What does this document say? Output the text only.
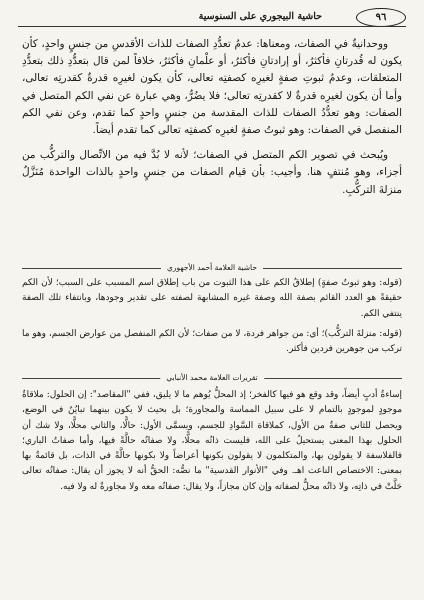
٩٦
حاشية البيجوري على السنوسية

ووحدانيةٌ في الصفات، ومعناها: عدمُ تعدُّدِ الصفات للذات الأقدسِ من جنسٍ واحدٍ، كأن يكون له قُدرتانِ فأكثرُ، أو إرادتانِ فأكثرُ، أو علْمانِ فأكثرُ، خلافاً لمن قال بتعدُّدِ ذلك بتعدُّدِ المتعلقات، وعدمُ ثبوتِ صفةٍ لغيرِه كصفتِه تعالى، كأن يكون لغيرِه قدرةٌ كقدرتِه تعالى، وأما أن يكون لغيرِه قدرةٌ لا كقدرتِه تعالى؛ فلا يضُرُّ، وهي عبارة عن نفي الكم المتصل في الصفات: وهو تعدُّدُ الصفات للذات المقدسة من جنسٍ واحدٍ كما تقدم، وعن نفي الكم المنفصل في الصفات: وهو ثبوتُ صفةٍ لغيرِه كصفتِه تعالى كما تقدم أيضاً.

ويُبحث في تصوير الكم المتصل في الصفات؛ لأنه لا بُدَّ فيه من الاتِّصال والتركُّب من أجزاء، وهو مُنتفٍ هنا. وأجيب: بأن قيام الصفات من جنسٍ واحدٍ بالذات الواحدة مُنَزَّلٌ منزلةَ التركُّبِ.

حاشية العلامة أحمد الأجهوري

(قوله: وهو ثبوتُ صفةٍ) إطلاقُ الكم على هذا الثبوت من باب إطلاق اسم المسبب على السبب؛ لأن الكم حقيقةً هو العدد القائم بصفة الله وصفة غيره المشابهة لصفته على تقدير وجودها، وبانتفاء تلك الصفة ينتفي الكم.

(قوله: منزلةَ التركُّب)؛ أي: من جواهر فردة، لا من صفات؛ لأن الكم المنفصل من عوارض الجسم، وهو ما تركب من جوهرين فردين فأكثر.

تقريرات العلامة محمد الأنبابي

إساءةُ أدبٍ أيضاً، وقد وقع هو فيها كالفخر؛ إذ المحلُّ يُوهم ما لا يليق، ففي "المقاصد": إن الحلول: ملاقاةُ موجودٍ لموجودٍ بالتمام لا على سبيل المماسة والمجاورة؛ بل بحيث لا يكون بينهما تبايُنٌ في الوضع، ويحصل للثاني صفةٌ من الأول، كملاقاة السَّوادِ للجسم، ويسمَّى الأول: حالًّا، والثاني محلًّا، ولا شك أن الحلول بهذا المعنى يستحيلُ على الله، فليست ذاتُه محلًّا، ولا صفاتُه حالَّةً فيها، وأما صفاتُ الباري؛ فالفلاسفة لا يقولون بها، والمتكلمون لا يقولون بكونها أعراضاً ولا بكونها حالَّةً في الذات، بل قائمةٌ بها بمعنى: الاختصاص الناعت اهـ. وفي "الأنوار القدسية" ما نصُّه: الحقُّ أنه لا يجوز أن يقال: صفاتُه تعالى حَلَّتْ في ذاتِه، ولا ذاتُه محلٌّ لصفاته وإن كان مجازاً، ولا يقال: صفاتُه معه ولا مجاورةٌ له ولا فيه.
